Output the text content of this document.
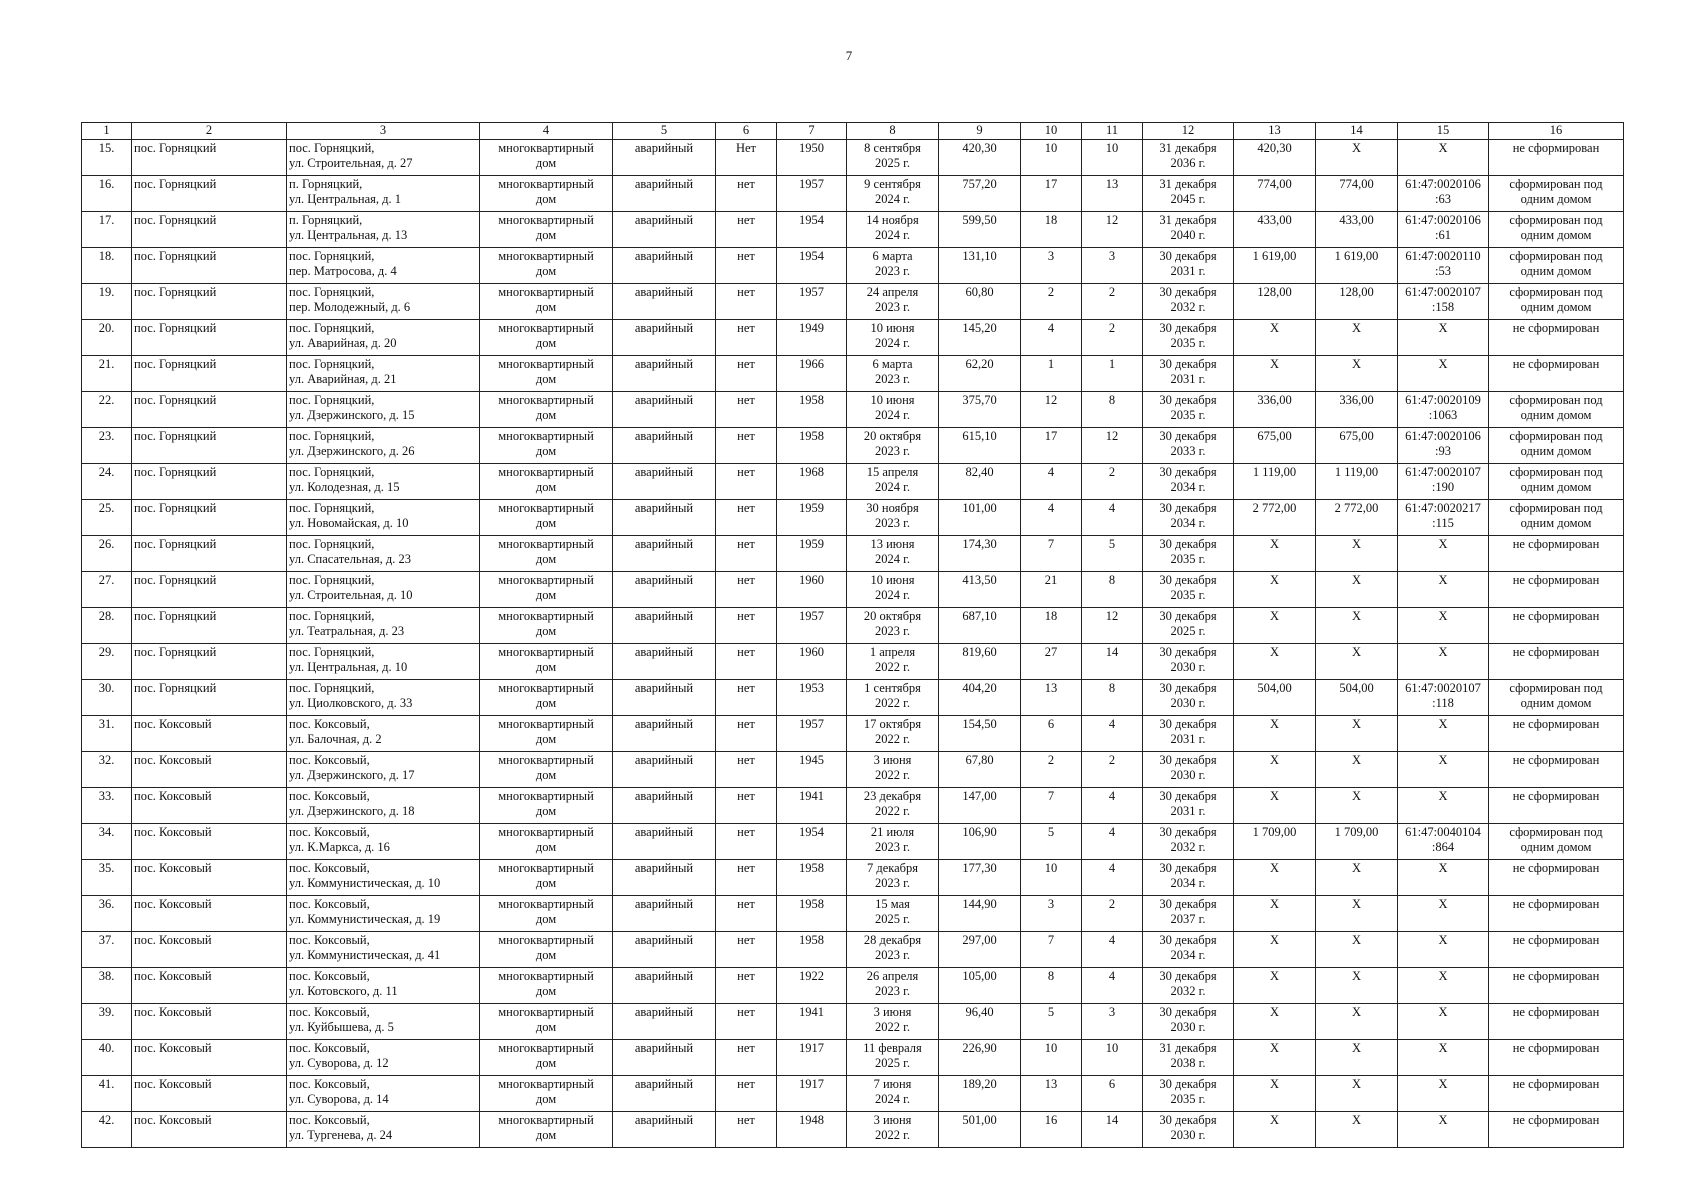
7
1	2	3	4	5	6	7	8	9	10	11	12	13	14	15	16

15.	пос. Горняцкий	пос. Горняцкий,
ул. Строительная, д. 27	многоквартирный
дом	аварийный	Нет	1950	8 сентября
2025 г.	420,30	10	10	31 декабря
2036 г.	420,30	X	X	не сформирован

16.	пос. Горняцкий	п. Горняцкий,
ул. Центральная, д. 1	многоквартирный
дом	аварийный	нет	1957	9 сентября
2024 г.	757,20	17	13	31 декабря
2045 г.	774,00	774,00	61:47:0020106
:63	сформирован под
одним домом

17.	пос. Горняцкий	п. Горняцкий,
ул. Центральная, д. 13	многоквартирный
дом	аварийный	нет	1954	14 ноября
2024 г.	599,50	18	12	31 декабря
2040 г.	433,00	433,00	61:47:0020106
:61	сформирован под
одним домом

18.	пос. Горняцкий	пос. Горняцкий,
пер. Матросова, д. 4	многоквартирный
дом	аварийный	нет	1954	6 марта
2023 г.	131,10	3	3	30 декабря
2031 г.	1 619,00	1 619,00	61:47:0020110
:53	сформирован под
одним домом

19.	пос. Горняцкий	пос. Горняцкий,
пер. Молодежный, д. 6	многоквартирный
дом	аварийный	нет	1957	24 апреля
2023 г.	60,80	2	2	30 декабря
2032 г.	128,00	128,00	61:47:0020107
:158	сформирован под
одним домом

20.	пос. Горняцкий	пос. Горняцкий,
ул. Аварийная, д. 20	многоквартирный
дом	аварийный	нет	1949	10 июня
2024 г.	145,20	4	2	30 декабря
2035 г.	X	X	X	не сформирован

21.	пос. Горняцкий	пос. Горняцкий,
ул. Аварийная, д. 21	многоквартирный
дом	аварийный	нет	1966	6 марта
2023 г.	62,20	1	1	30 декабря
2031 г.	X	X	X	не сформирован

22.	пос. Горняцкий	пос. Горняцкий,
ул. Дзержинского, д. 15	многоквартирный
дом	аварийный	нет	1958	10 июня
2024 г.	375,70	12	8	30 декабря
2035 г.	336,00	336,00	61:47:0020109
:1063	сформирован под
одним домом

23.	пос. Горняцкий	пос. Горняцкий,
ул. Дзержинского, д. 26	многоквартирный
дом	аварийный	нет	1958	20 октября
2023 г.	615,10	17	12	30 декабря
2033 г.	675,00	675,00	61:47:0020106
:93	сформирован под
одним домом

24.	пос. Горняцкий	пос. Горняцкий,
ул. Колодезная, д. 15	многоквартирный
дом	аварийный	нет	1968	15 апреля
2024 г.	82,40	4	2	30 декабря
2034 г.	1 119,00	1 119,00	61:47:0020107
:190	сформирован под
одним домом

25.	пос. Горняцкий	пос. Горняцкий,
ул. Новомайская, д. 10	многоквартирный
дом	аварийный	нет	1959	30 ноября
2023 г.	101,00	4	4	30 декабря
2034 г.	2 772,00	2 772,00	61:47:0020217
:115	сформирован под
одним домом

26.	пос. Горняцкий	пос. Горняцкий,
ул. Спасательная, д. 23	многоквартирный
дом	аварийный	нет	1959	13 июня
2024 г.	174,30	7	5	30 декабря
2035 г.	X	X	X	не сформирован

27.	пос. Горняцкий	пос. Горняцкий,
ул. Строительная, д. 10	многоквартирный
дом	аварийный	нет	1960	10 июня
2024 г.	413,50	21	8	30 декабря
2035 г.	X	X	X	не сформирован

28.	пос. Горняцкий	пос. Горняцкий,
ул. Театральная, д. 23	многоквартирный
дом	аварийный	нет	1957	20 октября
2023 г.	687,10	18	12	30 декабря
2025 г.	X	X	X	не сформирован

29.	пос. Горняцкий	пос. Горняцкий,
ул. Центральная, д. 10	многоквартирный
дом	аварийный	нет	1960	1 апреля
2022 г.	819,60	27	14	30 декабря
2030 г.	X	X	X	не сформирован

30.	пос. Горняцкий	пос. Горняцкий,
ул. Циолковского, д. 33	многоквартирный
дом	аварийный	нет	1953	1 сентября
2022 г.	404,20	13	8	30 декабря
2030 г.	504,00	504,00	61:47:0020107
:118	сформирован под
одним домом

31.	пос. Коксовый	пос. Коксовый,
ул. Балочная, д. 2	многоквартирный
дом	аварийный	нет	1957	17 октября
2022 г.	154,50	6	4	30 декабря
2031 г.	X	X	X	не сформирован

32.	пос. Коксовый	пос. Коксовый,
ул. Дзержинского, д. 17	многоквартирный
дом	аварийный	нет	1945	3 июня
2022 г.	67,80	2	2	30 декабря
2030 г.	X	X	X	не сформирован

33.	пос. Коксовый	пос. Коксовый,
ул. Дзержинского, д. 18	многоквартирный
дом	аварийный	нет	1941	23 декабря
2022 г.	147,00	7	4	30 декабря
2031 г.	X	X	X	не сформирован

34.	пос. Коксовый	пос. Коксовый,
ул. К.Маркса, д. 16	многоквартирный
дом	аварийный	нет	1954	21 июля
2023 г.	106,90	5	4	30 декабря
2032 г.	1 709,00	1 709,00	61:47:0040104
:864	сформирован под
одним домом

35.	пос. Коксовый	пос. Коксовый,
ул. Коммунистическая, д. 10	многоквартирный
дом	аварийный	нет	1958	7 декабря
2023 г.	177,30	10	4	30 декабря
2034 г.	X	X	X	не сформирован

36.	пос. Коксовый	пос. Коксовый,
ул. Коммунистическая, д. 19	многоквартирный
дом	аварийный	нет	1958	15 мая
2025 г.	144,90	3	2	30 декабря
2037 г.	X	X	X	не сформирован

37.	пос. Коксовый	пос. Коксовый,
ул. Коммунистическая, д. 41	многоквартирный
дом	аварийный	нет	1958	28 декабря
2023 г.	297,00	7	4	30 декабря
2034 г.	X	X	X	не сформирован

38.	пос. Коксовый	пос. Коксовый,
ул. Котовского, д. 11	многоквартирный
дом	аварийный	нет	1922	26 апреля
2023 г.	105,00	8	4	30 декабря
2032 г.	X	X	X	не сформирован

39.	пос. Коксовый	пос. Коксовый,
ул. Куйбышева, д. 5	многоквартирный
дом	аварийный	нет	1941	3 июня
2022 г.	96,40	5	3	30 декабря
2030 г.	X	X	X	не сформирован

40.	пос. Коксовый	пос. Коксовый,
ул. Суворова, д. 12	многоквартирный
дом	аварийный	нет	1917	11 февраля
2025 г.	226,90	10	10	31 декабря
2038 г.	X	X	X	не сформирован

41.	пос. Коксовый	пос. Коксовый,
ул. Суворова, д. 14	многоквартирный
дом	аварийный	нет	1917	7 июня
2024 г.	189,20	13	6	30 декабря
2035 г.	X	X	X	не сформирован

42.	пос. Коксовый	пос. Коксовый,
ул. Тургенева, д. 24	многоквартирный
дом	аварийный	нет	1948	3 июня
2022 г.	501,00	16	14	30 декабря
2030 г.	X	X	X	не сформирован
